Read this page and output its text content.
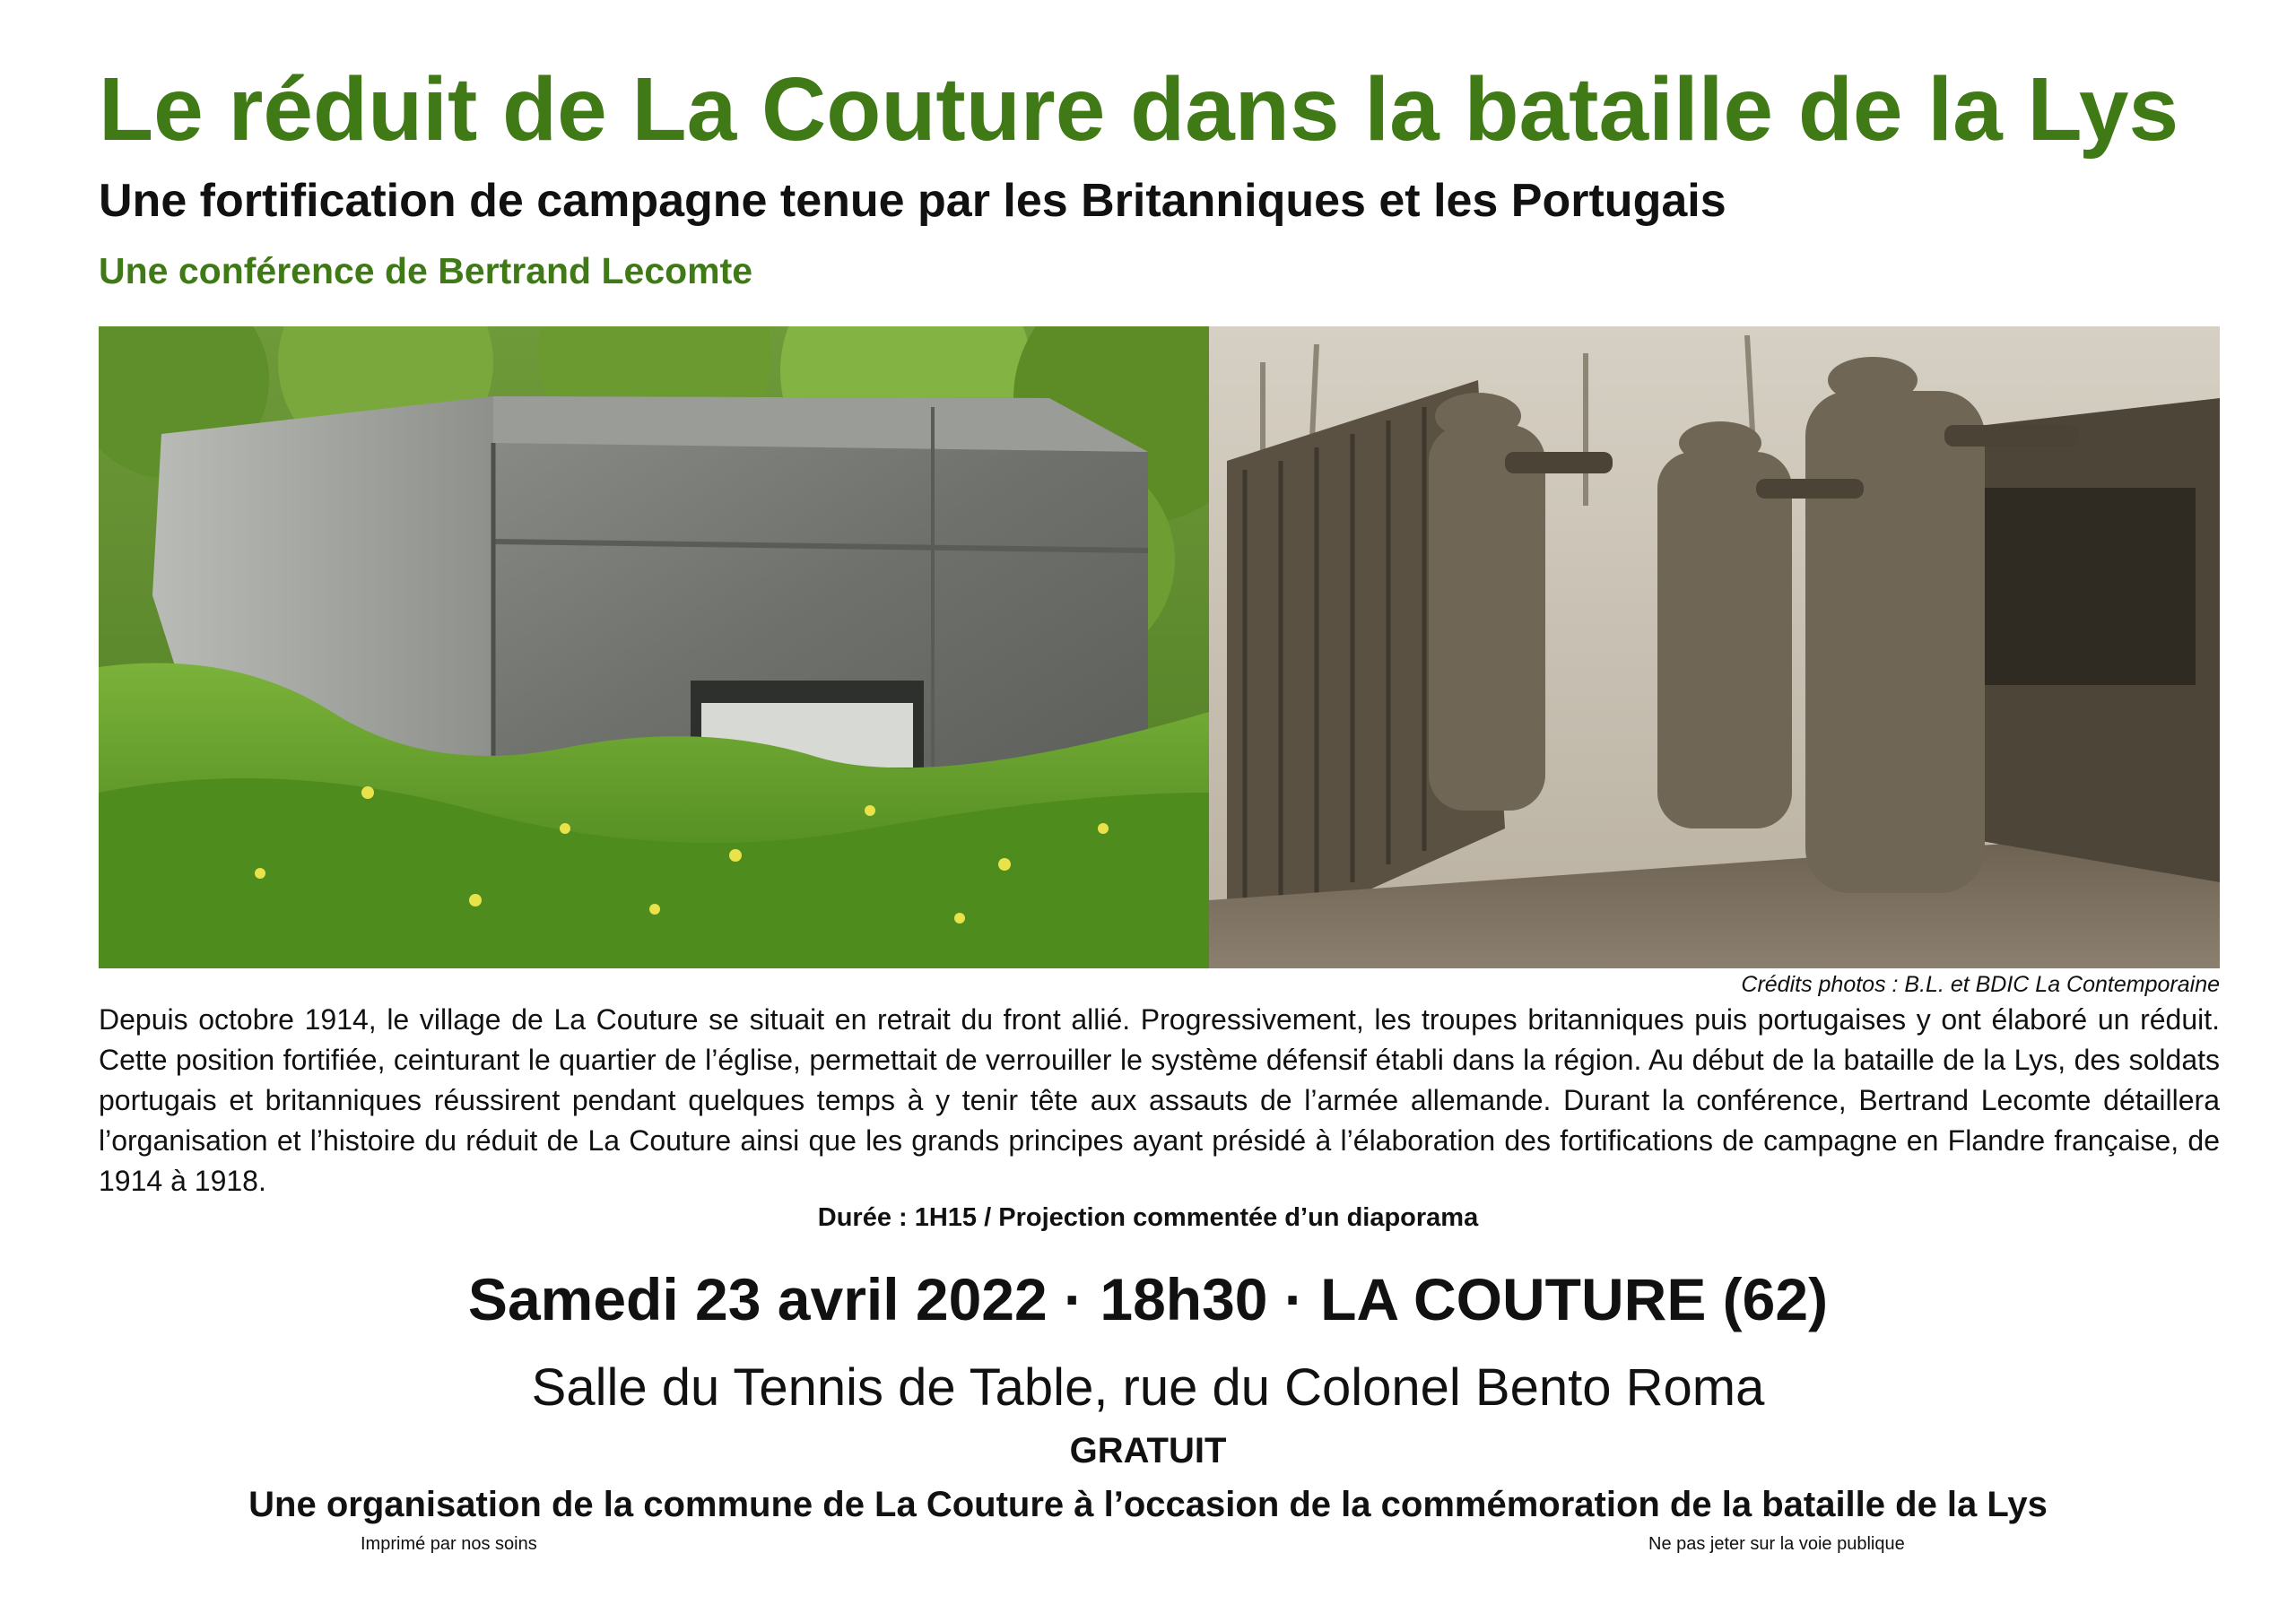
Le réduit de La Couture dans la bataille de la Lys
Une fortification de campagne tenue par les Britanniques et les Portugais
Une conférence de Bertrand Lecomte
Crédits photos : B.L. et BDIC La Contemporaine
Depuis octobre 1914, le village de La Couture se situait en retrait du front allié. Progressivement, les troupes britanniques puis portugaises y ont élaboré un réduit. Cette position fortifiée, ceinturant le quartier de l’église, permettait de verrouiller le système défensif établi dans la région. Au début de la bataille de la Lys, des soldats portugais et britanniques réussirent pendant quelques temps à y tenir tête aux assauts de l’armée allemande. Durant la conférence, Bertrand Lecomte détaillera l’organisation et l’histoire du réduit de La Couture ainsi que les grands principes ayant présidé à l’élaboration des fortifications de campagne en Flandre française, de 1914 à 1918.
Durée : 1H15 / Projection commentée d’un diaporama
Samedi 23 avril 2022 · 18h30 · LA COUTURE (62)
Salle du Tennis de Table, rue du Colonel Bento Roma
GRATUIT
Une organisation de la commune de La Couture à l’occasion de la commémoration de la bataille de la Lys
Imprimé par nos soins	Ne pas jeter sur la voie publique
